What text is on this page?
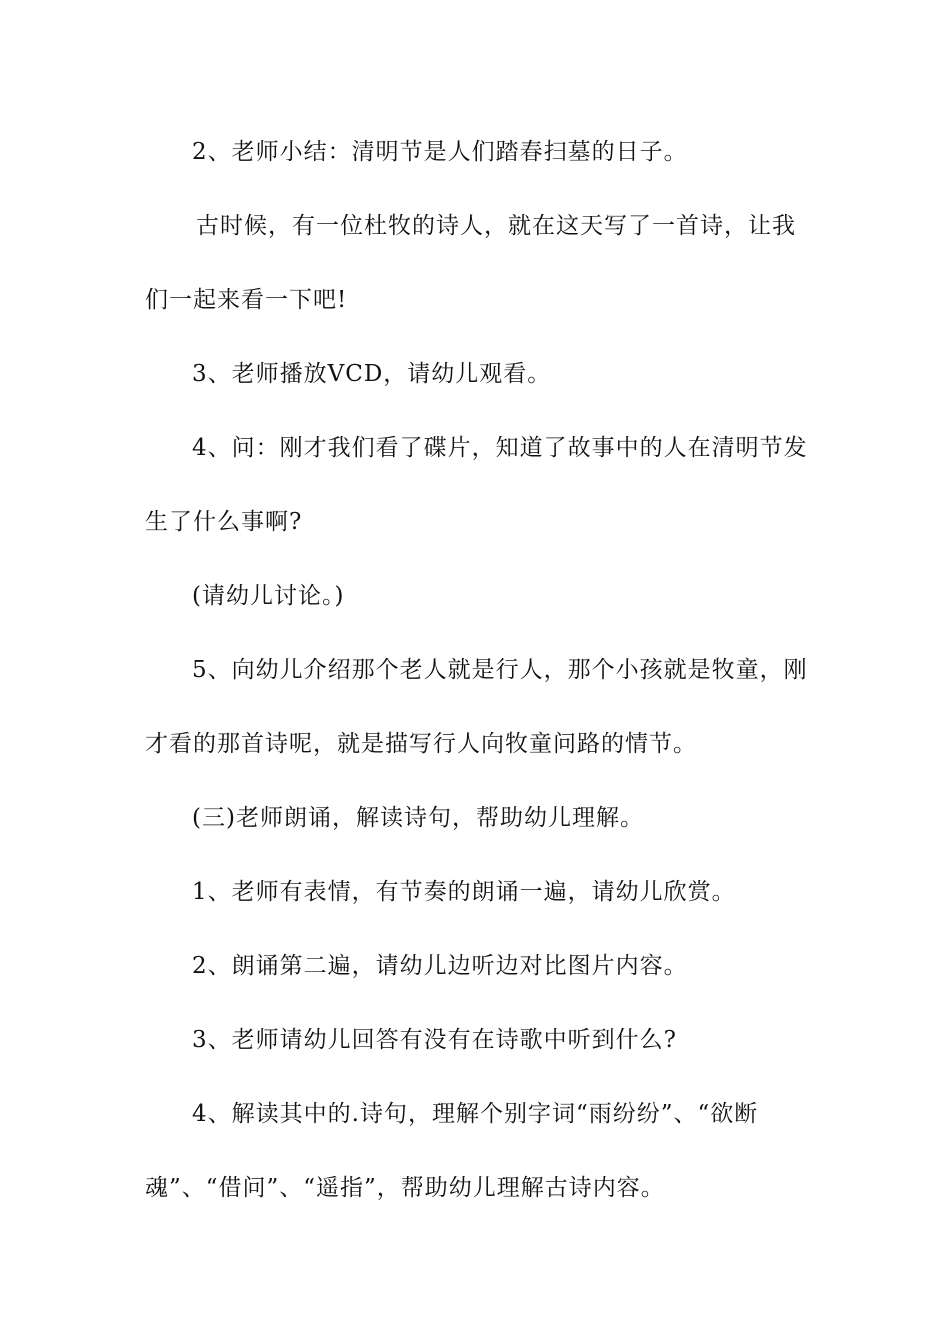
2、老师小结：清明节是人们踏春扫墓的日子。
古时候，有一位杜牧的诗人，就在这天写了一首诗，让我
们一起来看一下吧!
3、老师播放VCD，请幼儿观看。
4、问：刚才我们看了碟片，知道了故事中的人在清明节发
生了什么事啊?
(请幼儿讨论。)
5、向幼儿介绍那个老人就是行人，那个小孩就是牧童，刚
才看的那首诗呢，就是描写行人向牧童问路的情节。
(三)老师朗诵，解读诗句，帮助幼儿理解。
1、老师有表情，有节奏的朗诵一遍，请幼儿欣赏。
2、朗诵第二遍，请幼儿边听边对比图片内容。
3、老师请幼儿回答有没有在诗歌中听到什么?
4、解读其中的.诗句，理解个别字词“雨纷纷”、“欲断
魂”、“借问”、“遥指”，帮助幼儿理解古诗内容。
